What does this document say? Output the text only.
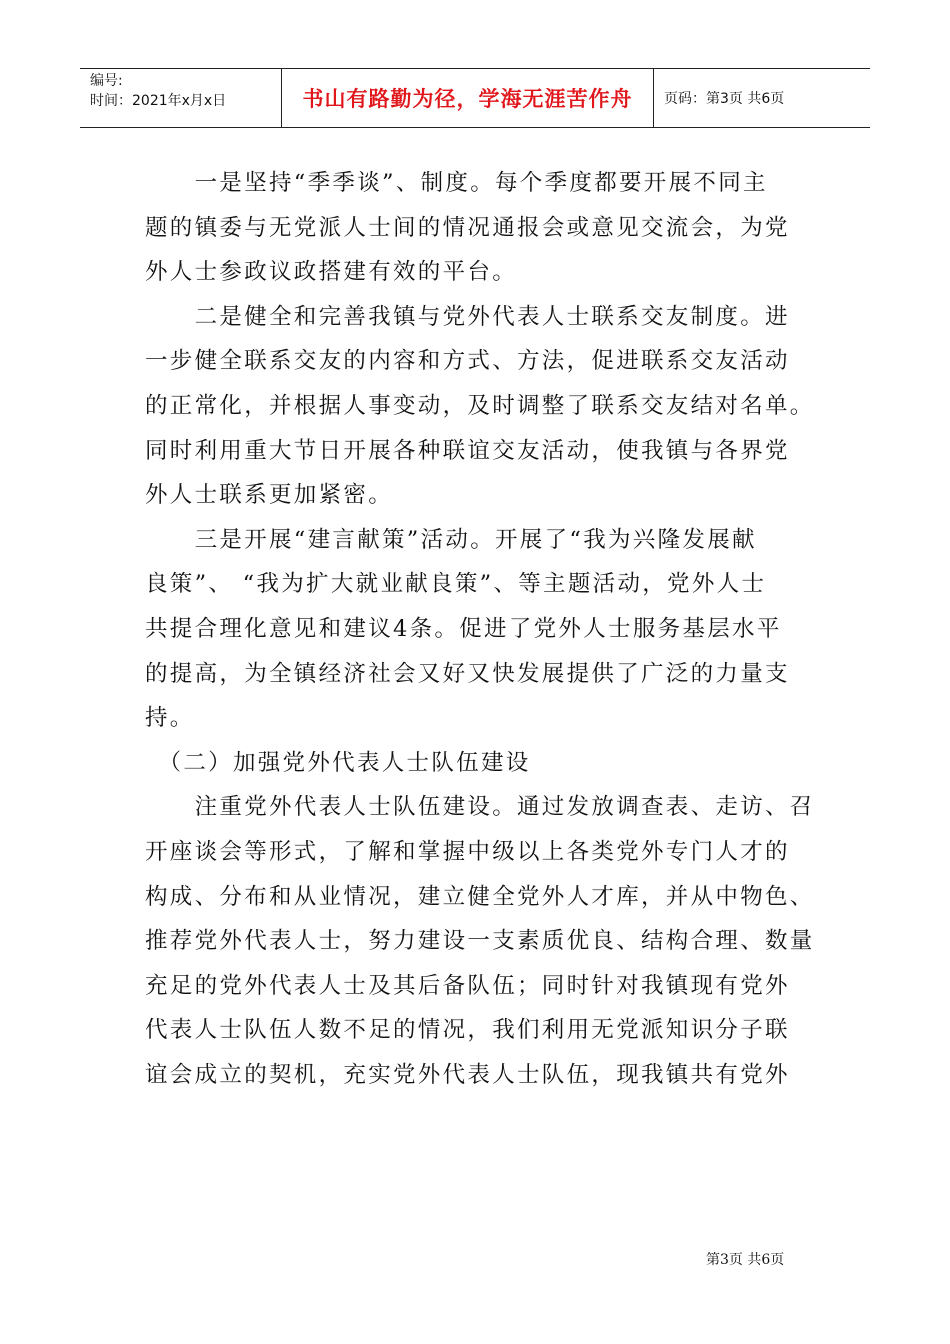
编号:
时间：2021年x月x日	书山有路勤为径，学海无涯苦作舟	页码：第3页 共6页

　　一是坚持“季季谈”、制度。每个季度都要开展不同主

题的镇委与无党派人士间的情况通报会或意见交流会，为党

外人士参政议政搭建有效的平台。

　　二是健全和完善我镇与党外代表人士联系交友制度。进

一步健全联系交友的内容和方式、方法，促进联系交友活动

的正常化，并根据人事变动，及时调整了联系交友结对名单。

同时利用重大节日开展各种联谊交友活动，使我镇与各界党

外人士联系更加紧密。

　　三是开展“建言献策”活动。开展了“我为兴隆发展献

良策”、 “我为扩大就业献良策”、等主题活动，党外人士

共提合理化意见和建议4条。促进了党外人士服务基层水平

的提高，为全镇经济社会又好又快发展提供了广泛的力量支

持。

　（二）加强党外代表人士队伍建设

　　注重党外代表人士队伍建设。通过发放调查表、走访、召

开座谈会等形式，了解和掌握中级以上各类党外专门人才的

构成、分布和从业情况，建立健全党外人才库，并从中物色、

推荐党外代表人士，努力建设一支素质优良、结构合理、数量

充足的党外代表人士及其后备队伍；同时针对我镇现有党外

代表人士队伍人数不足的情况，我们利用无党派知识分子联

谊会成立的契机，充实党外代表人士队伍，现我镇共有党外

第3页 共6页
